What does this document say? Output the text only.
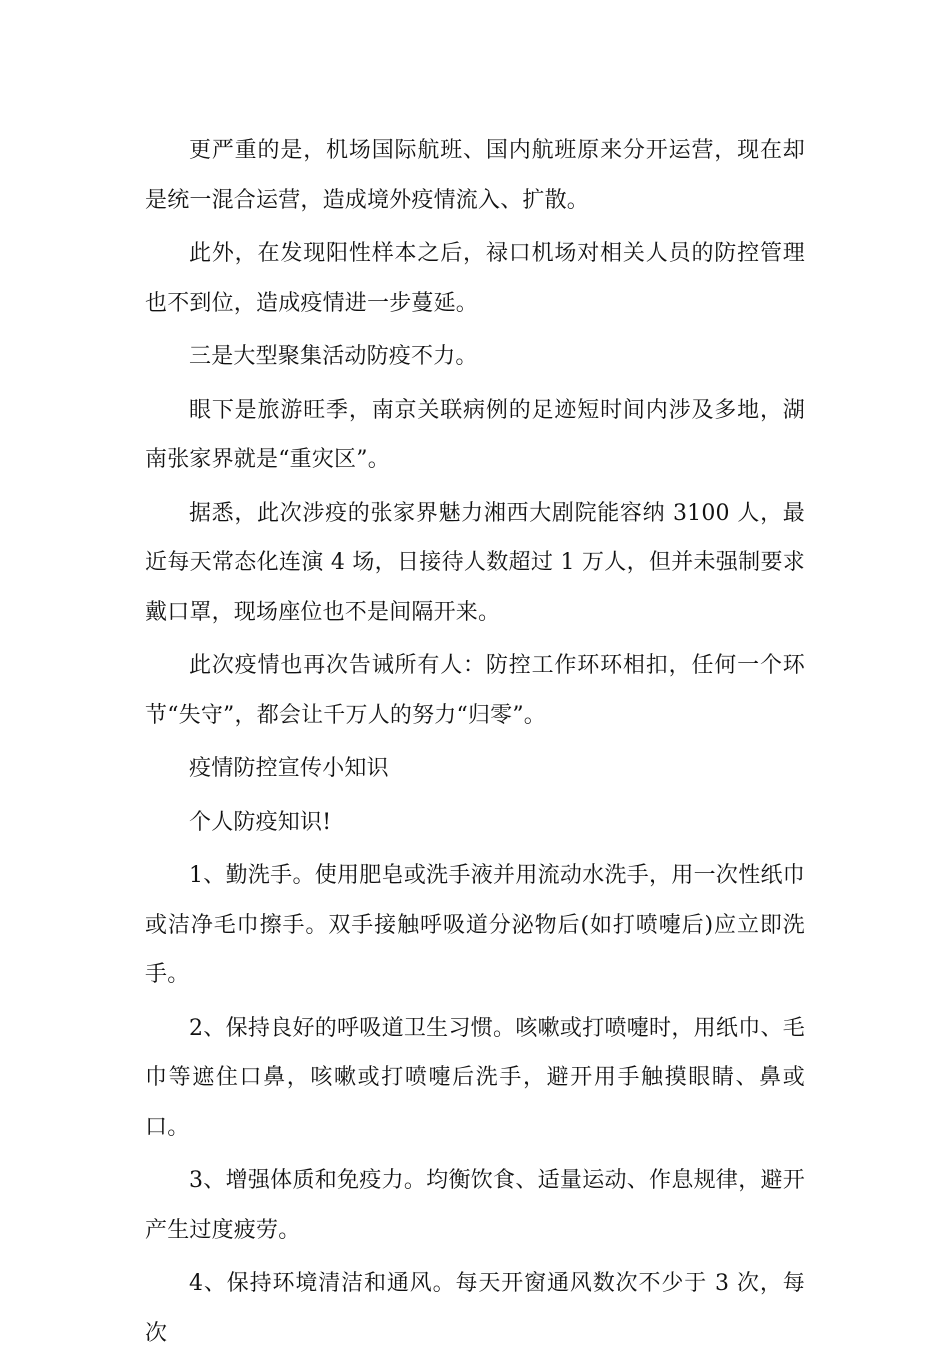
更严重的是，机场国际航班、国内航班原来分开运营，现在却是统一混合运营，造成境外疫情流入、扩散。

此外，在发现阳性样本之后，禄口机场对相关人员的防控管理也不到位，造成疫情进一步蔓延。

三是大型聚集活动防疫不力。

眼下是旅游旺季，南京关联病例的足迹短时间内涉及多地，湖南张家界就是“重灾区”。

据悉，此次涉疫的张家界魅力湘西大剧院能容纳 3100 人，最近每天常态化连演 4 场，日接待人数超过 1 万人，但并未强制要求戴口罩，现场座位也不是间隔开来。

此次疫情也再次告诫所有人：防控工作环环相扣，任何一个环节“失守”，都会让千万人的努力“归零”。

疫情防控宣传小知识

个人防疫知识!

1、勤洗手。使用肥皂或洗手液并用流动水洗手，用一次性纸巾或洁净毛巾擦手。双手接触呼吸道分泌物后(如打喷嚏后)应立即洗手。

2、保持良好的呼吸道卫生习惯。咳嗽或打喷嚏时，用纸巾、毛巾等遮住口鼻，咳嗽或打喷嚏后洗手，避开用手触摸眼睛、鼻或口。

3、增强体质和免疫力。均衡饮食、适量运动、作息规律，避开产生过度疲劳。

4、保持环境清洁和通风。每天开窗通风数次不少于 3 次，每次
